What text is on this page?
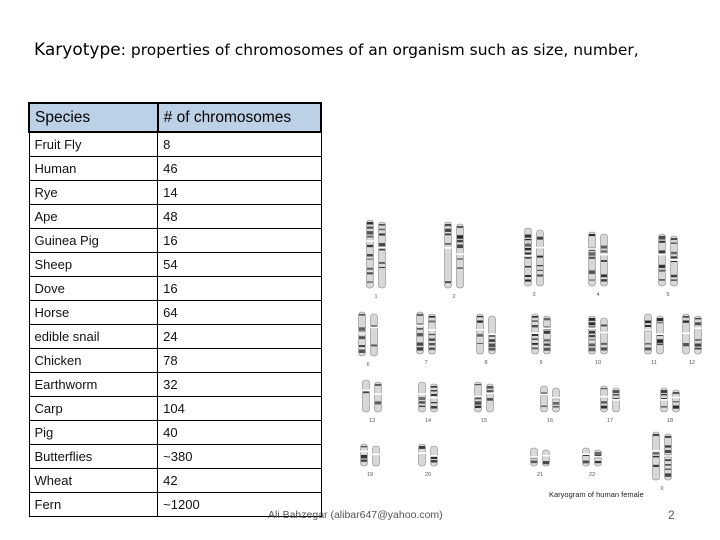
Karyotype: properties of chromosomes of an organism such as size, number,
Species	# of chromosomes
Fruit Fly	8
Human	46
Rye	14
Ape	48
Guinea Pig	16
Sheep	54
Dove	16
Horse	64
edible snail	24
Chicken	78
Earthworm	32
Carp	104
Pig	40
Butterflies	~380
Wheat	42
Fern	~1200
1	2	3	4	5
6	7	8	9	10	11	12
13	14	15	16	17	18
19	20	21	22
X
Karyogram of human female
Ali Bahzegar (alibar647@yahoo.com)	2
